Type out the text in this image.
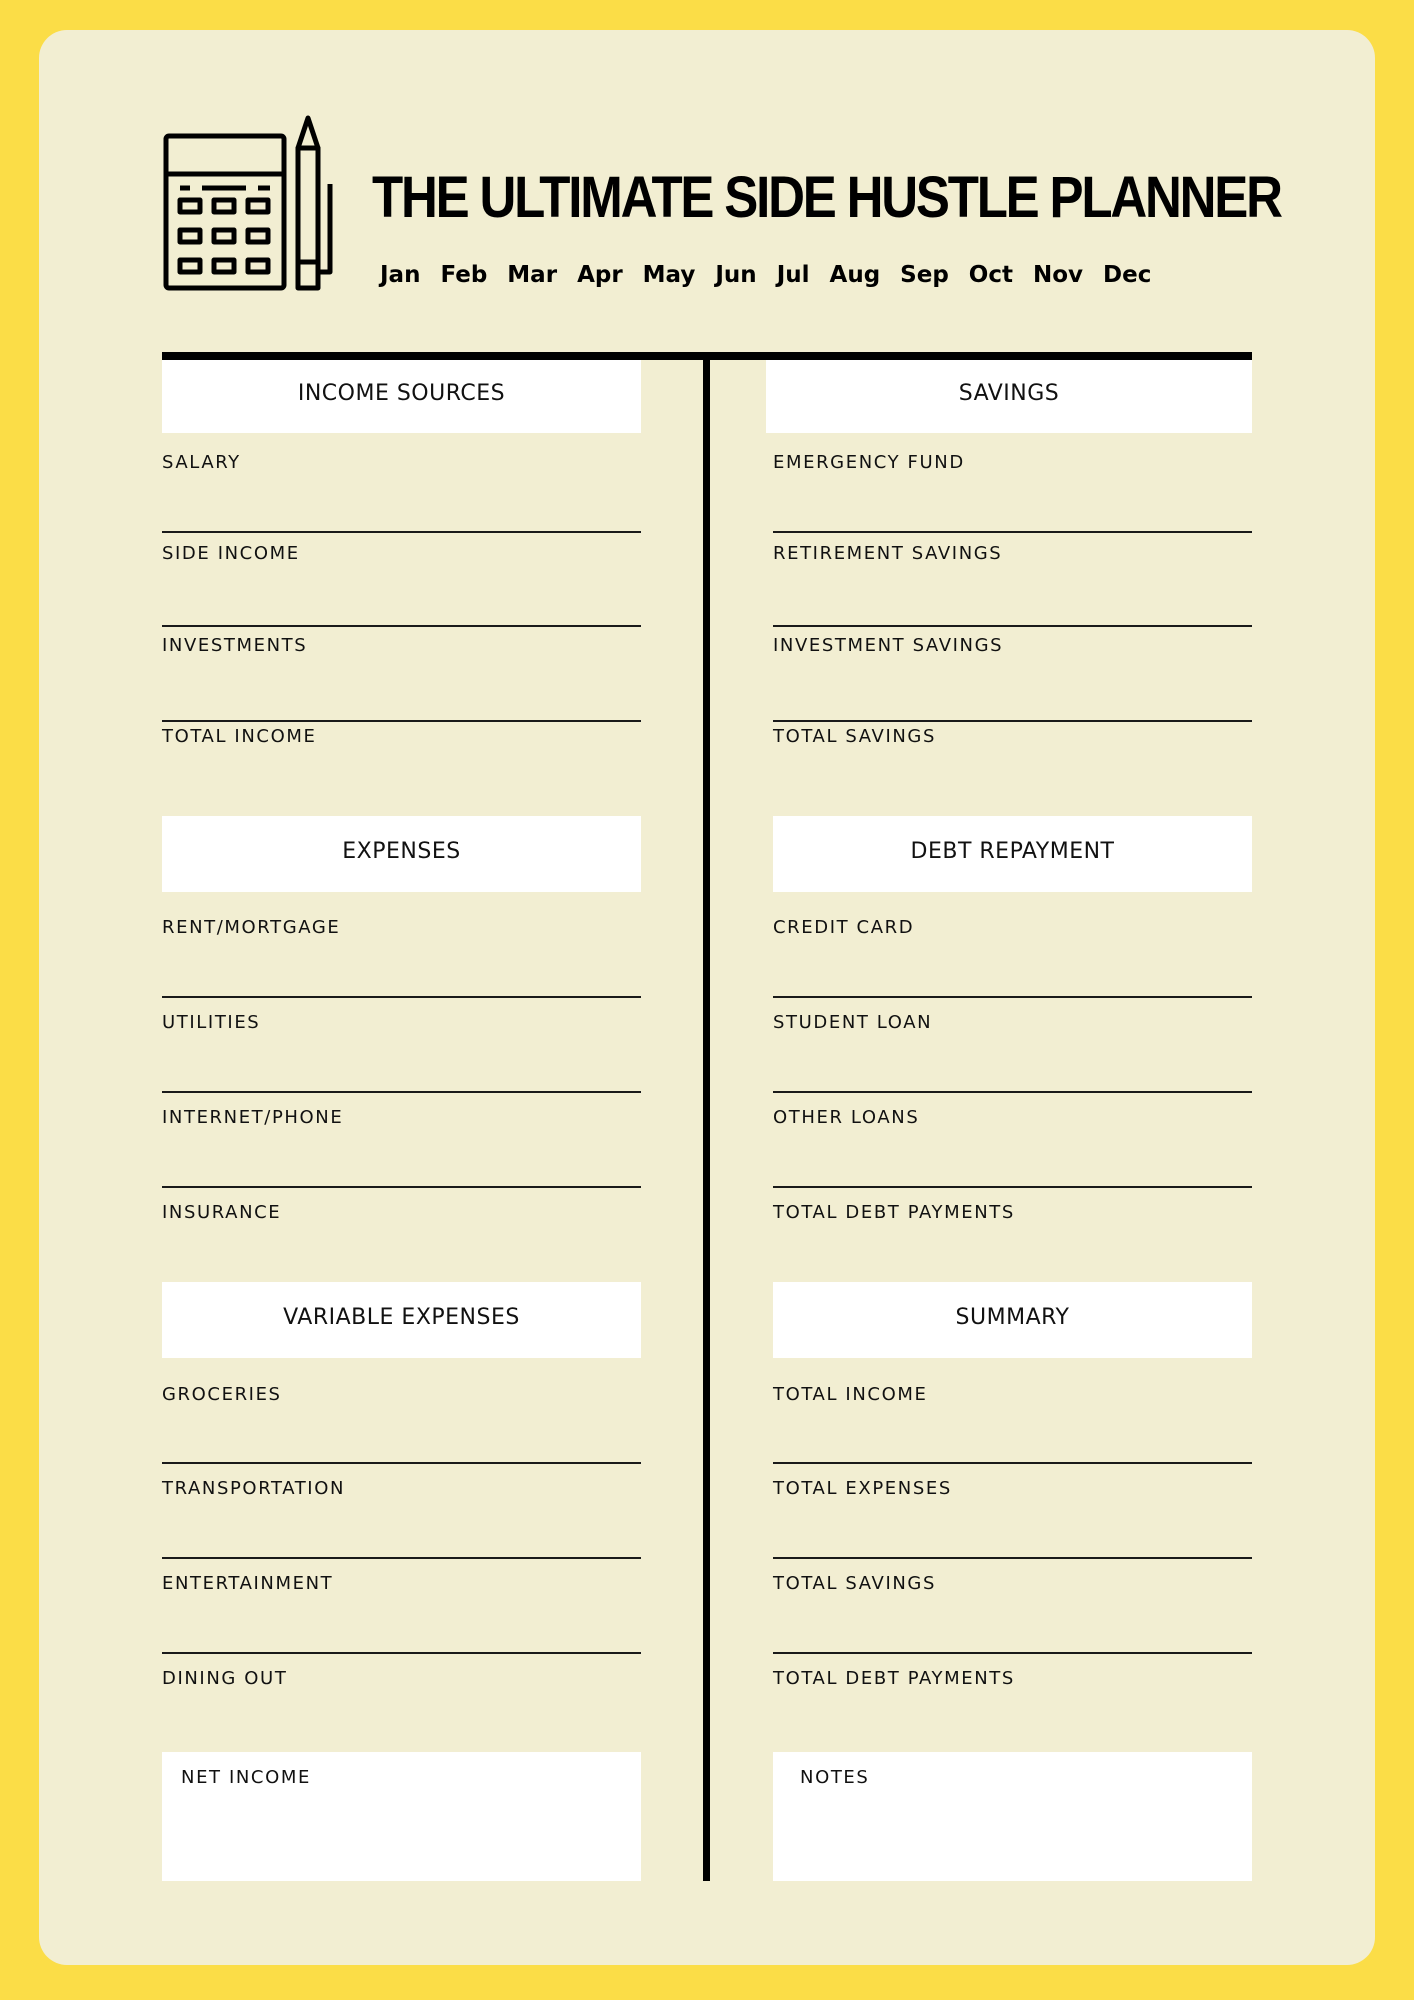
THE ULTIMATE SIDE HUSTLE PLANNER
Jan Feb Mar Apr May Jun Jul Aug Sep Oct Nov Dec
INCOME SOURCES
SALARY
SIDE INCOME
INVESTMENTS
TOTAL INCOME
SAVINGS
EMERGENCY FUND
RETIREMENT SAVINGS
INVESTMENT SAVINGS
TOTAL SAVINGS
EXPENSES
RENT/MORTGAGE
UTILITIES
INTERNET/PHONE
INSURANCE
DEBT REPAYMENT
CREDIT CARD
STUDENT LOAN
OTHER LOANS
TOTAL DEBT PAYMENTS
VARIABLE EXPENSES
GROCERIES
TRANSPORTATION
ENTERTAINMENT
DINING OUT
SUMMARY
TOTAL INCOME
TOTAL EXPENSES
TOTAL SAVINGS
TOTAL DEBT PAYMENTS
NET INCOME	NOTES
